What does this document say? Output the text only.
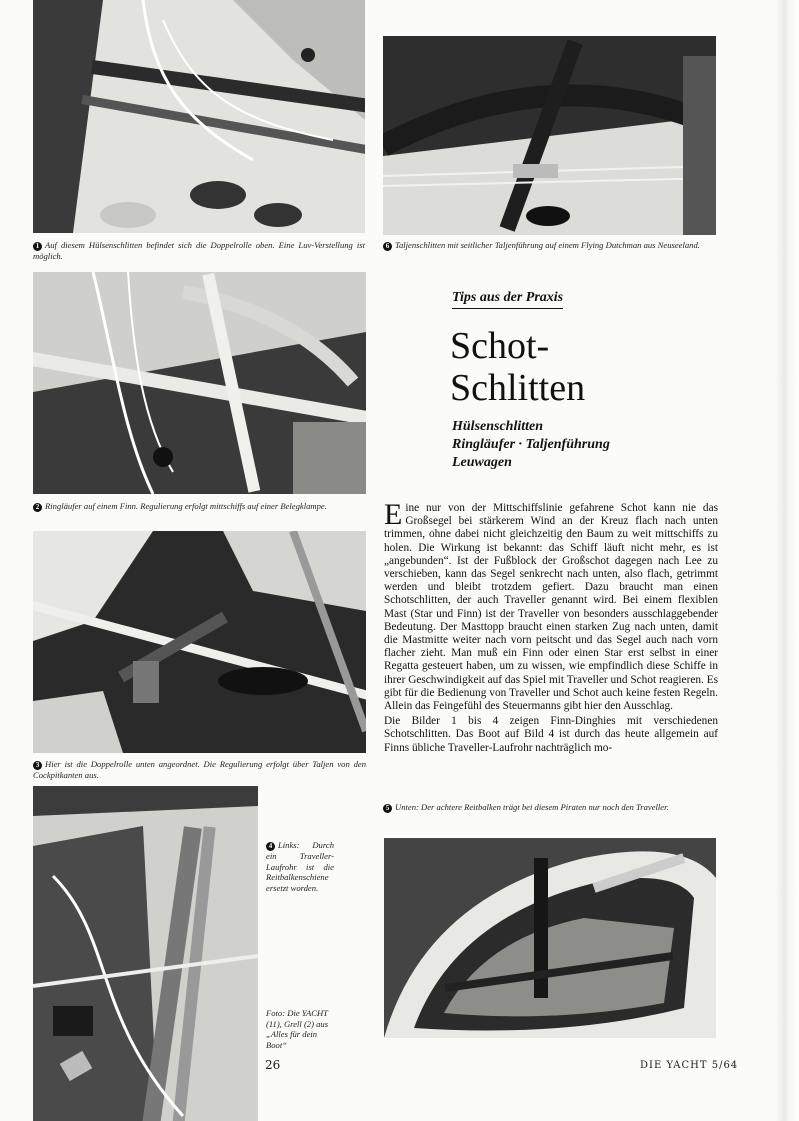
1 Auf diesem Hülsenschlitten befindet sich die Doppelrolle oben. Eine Luv-Verstellung ist möglich.
6 Taljenschlitten mit seitlicher Taljenführung auf einem Flying Dutchman aus Neuseeland.
2 Ringläufer auf einem Finn. Regulierung erfolgt mittschiffs auf einer Belegklampe.
3 Hier ist die Doppelrolle unten angeordnet. Die Regulierung erfolgt über Taljen von den Cockpitkanten aus.
4 Links: Durch ein Traveller-Laufrohr ist die Reitbalkenschiene ersetzt worden.
Foto: Die YACHT (11), Grell (2) aus „Alles für dein Boot“
Tips aus der Praxis
Schot-
Schlitten
Hülsenschlitten
Ringläufer · Taljenführung
Leuwagen

Eine nur von der Mittschiffslinie gefahrene Schot kann nie das Großsegel bei stärkerem Wind an der Kreuz flach nach unten trimmen, ohne dabei nicht gleichzeitig den Baum zu weit mittschiffs zu holen. Die Wirkung ist bekannt: das Schiff läuft nicht mehr, es ist „angebunden“. Ist der Fußblock der Großschot dagegen nach Lee zu verschieben, kann das Segel senkrecht nach unten, also flach, getrimmt werden und bleibt trotzdem gefiert. Dazu braucht man einen Schotschlitten, der auch Traveller genannt wird. Bei einem flexiblen Mast (Star und Finn) ist der Traveller von besonders ausschlaggebender Bedeutung. Der Masttopp braucht einen starken Zug nach unten, damit die Mastmitte weiter nach vorn peitscht und das Segel auch nach vorn flacher zieht. Man muß ein Finn oder einen Star erst selbst in einer Regatta gesteuert haben, um zu wissen, wie empfindlich diese Schiffe in ihrer Geschwindigkeit auf das Spiel mit Traveller und Schot reagieren. Es gibt für die Bedienung von Traveller und Schot auch keine festen Regeln. Allein das Feingefühl des Steuermanns gibt hier den Ausschlag.

Die Bilder 1 bis 4 zeigen Finn-Dinghies mit verschiedenen Schotschlitten. Das Boot auf Bild 4 ist durch das heute allgemein auf Finns übliche Traveller-Laufrohr nachträglich mo-

5 Unten: Der achtere Reitbalken trägt bei diesem Piraten nur noch den Traveller.
26	DIE YACHT 5/64
